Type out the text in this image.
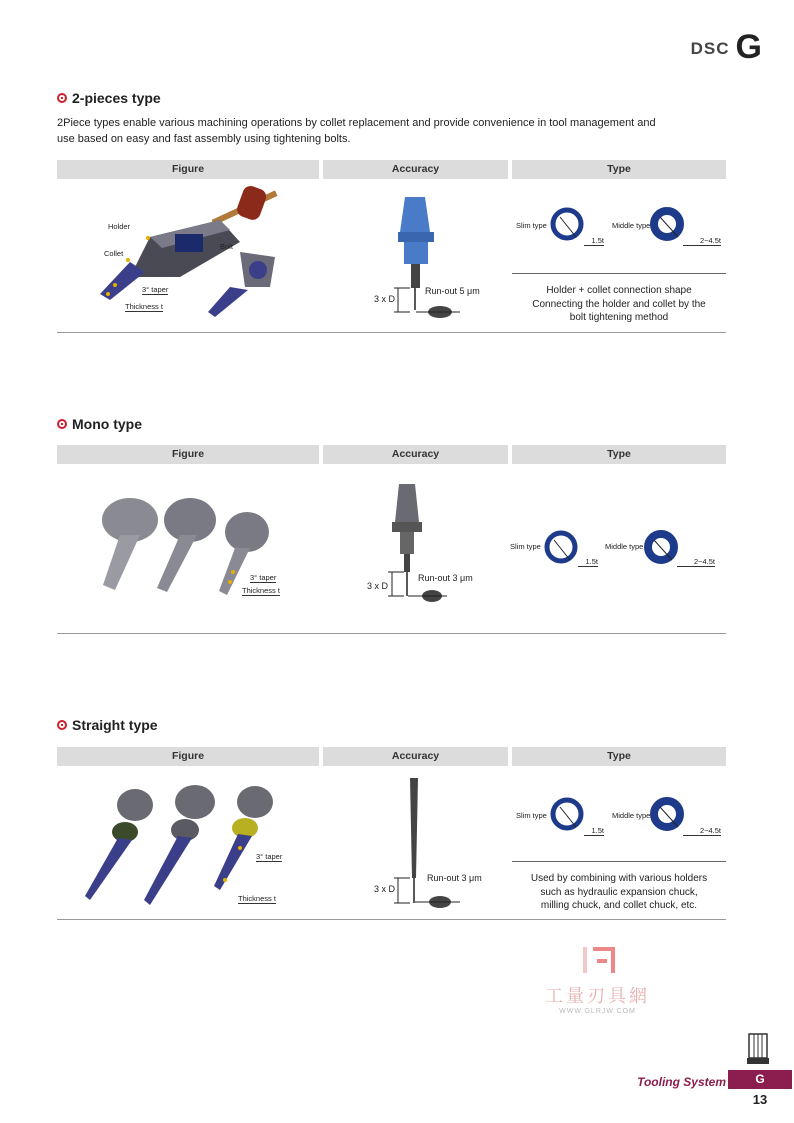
DSC G
2-pieces type
2Piece types enable various machining operations by collet replacement and provide convenience in tool management and
use based on easy and fast assembly using tightening bolts.
Figure	Accuracy	Type
Holder
Collet
Bolt
3° taper
Thickness t
3 x D
Run-out 5 μm
Slim type
1.5t
Middle type
2~4.5t
Holder + collet connection shape
Connecting the holder and collet by the
bolt tightening method
Mono type
Figure	Accuracy	Type
3° taper
Thickness t	3 x D
Run-out 3 μm
Slim type
1.5t
Middle type
2~4.5t
Straight type
Figure	Accuracy	Type
3° taper
Thickness t
3 x D
Run-out 3 μm
Slim type
1.5t
Middle type
2~4.5t
Used by combining with various holders
such as hydraulic expansion chuck,
milling chuck, and collet chuck, etc.
工量刃具網
WWW.GLRJW.COM
Tooling System	G
13
